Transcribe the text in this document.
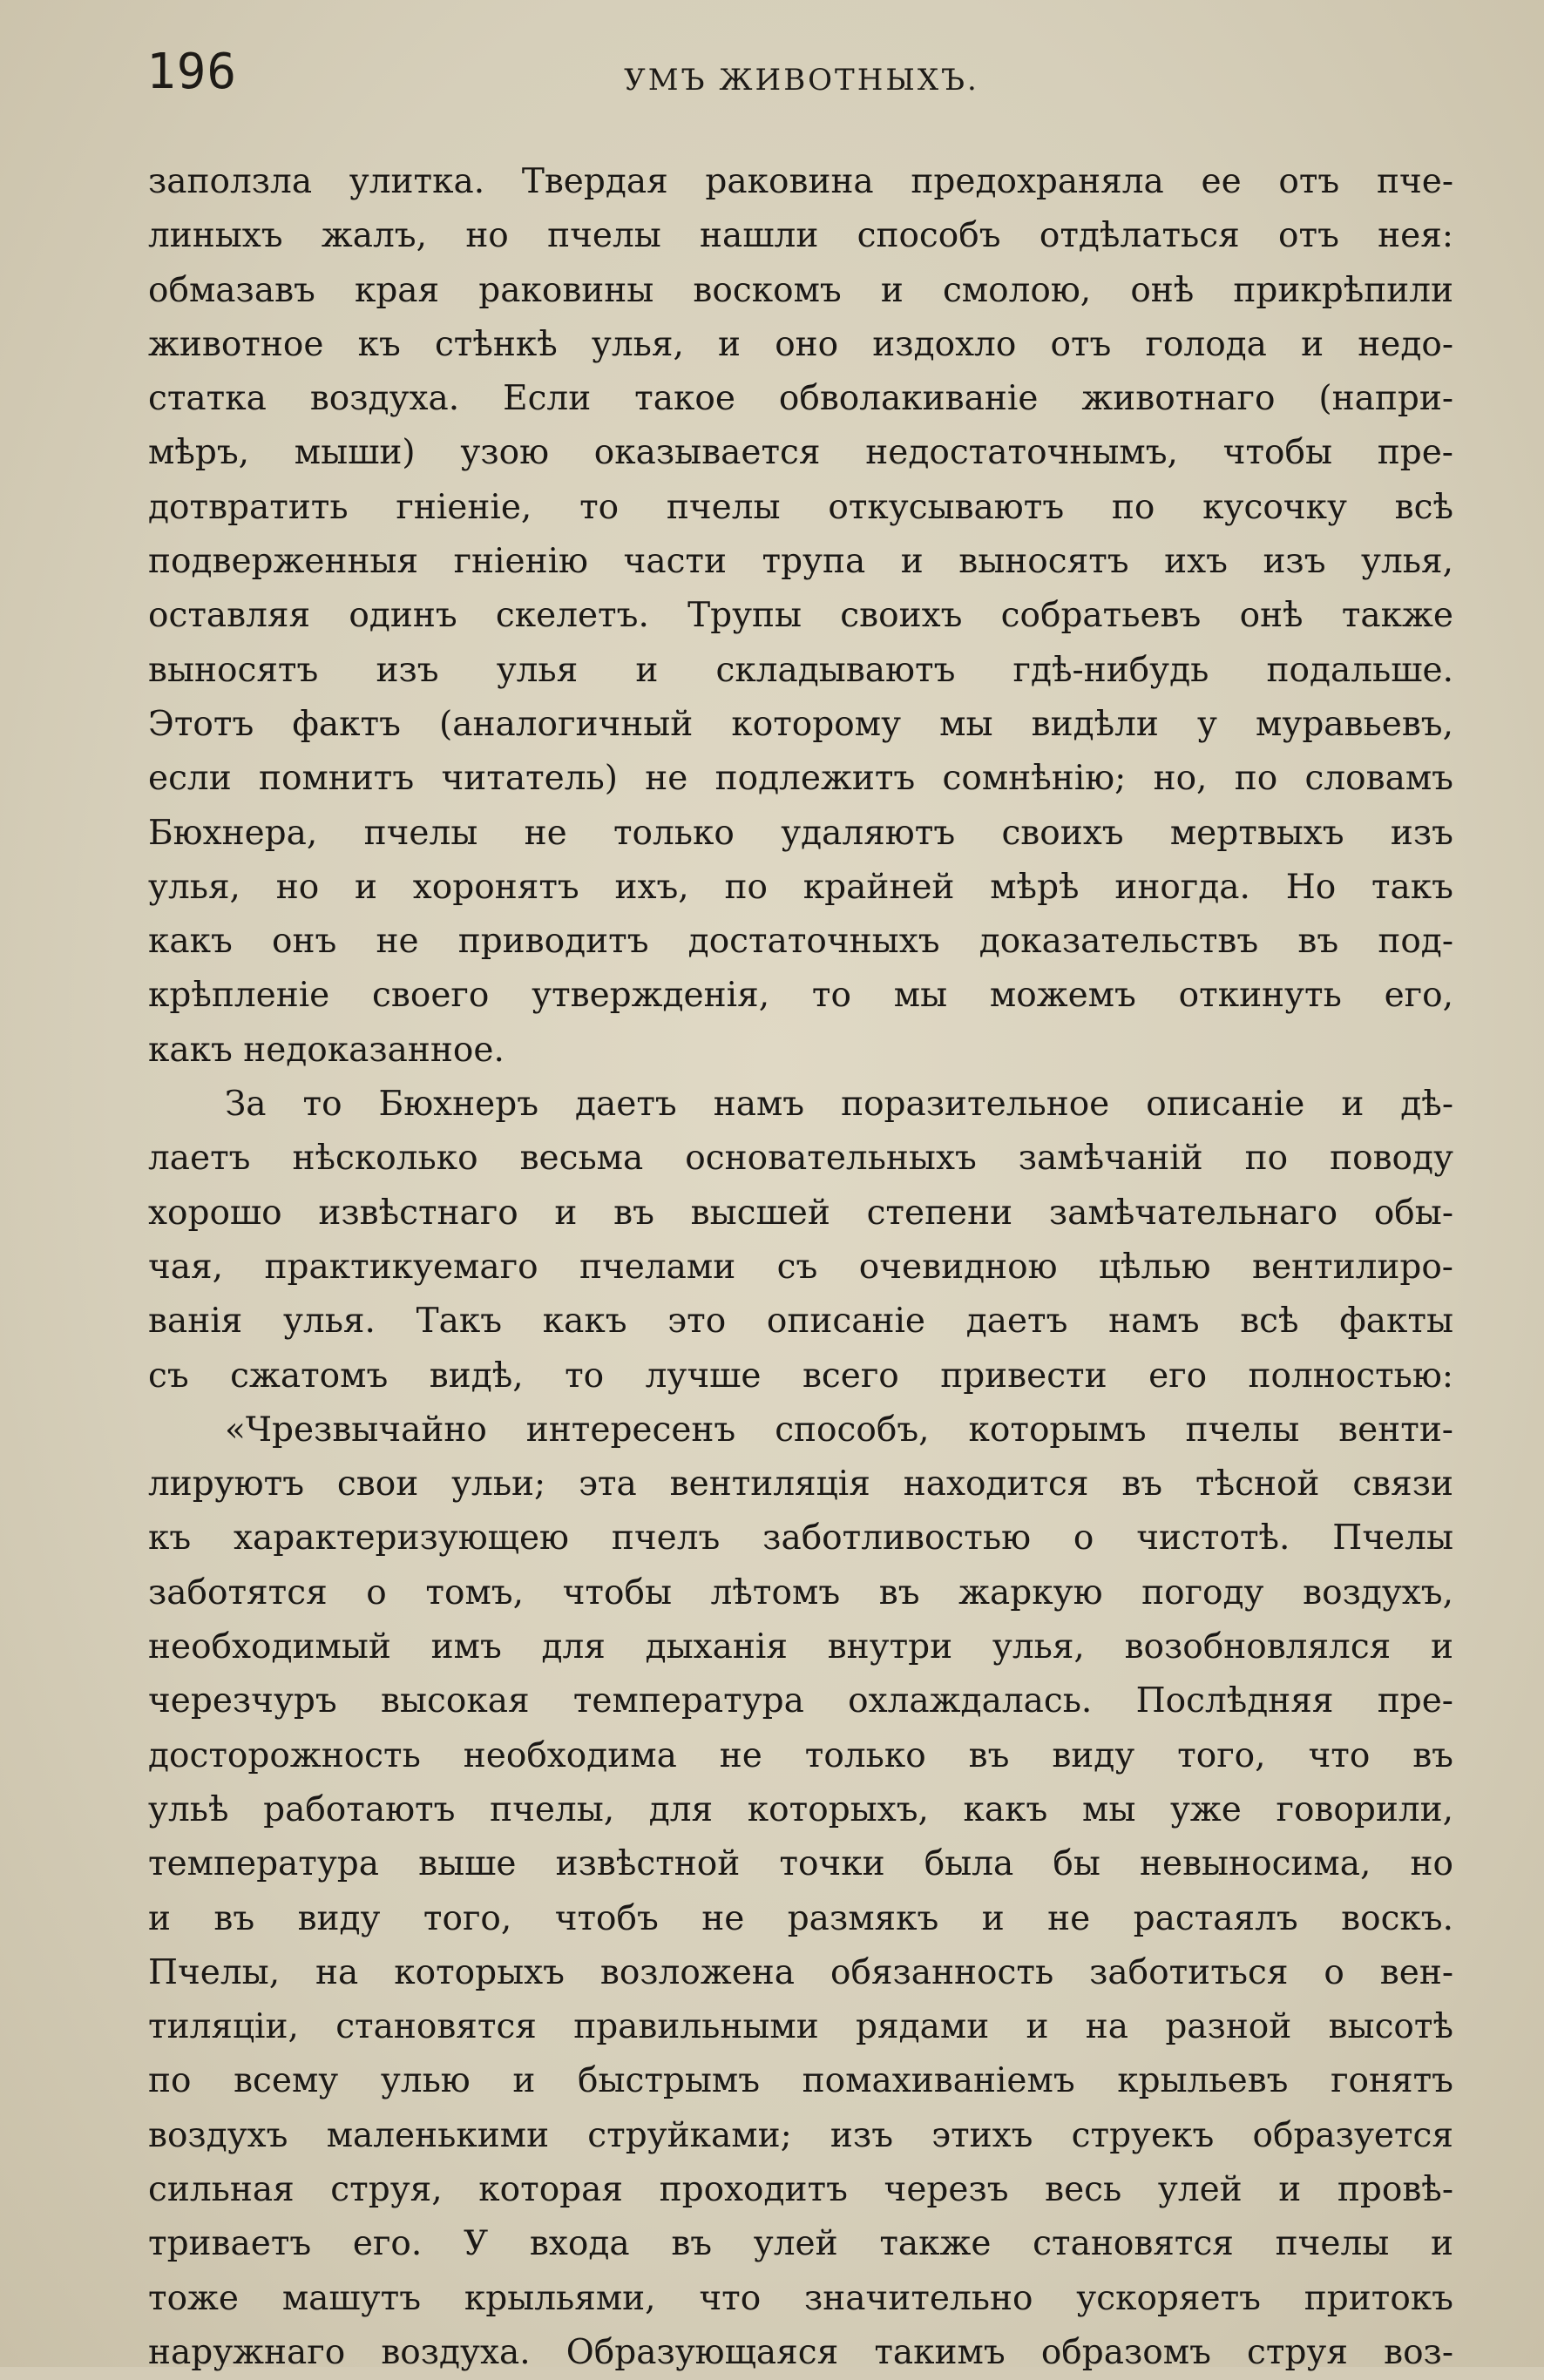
196	УМЪ ЖИВОТНЫХЪ.
заползла улитка. Твердая раковина предохраняла ее отъ пче-
линыхъ жалъ, но пчелы нашли способъ отдѣлаться отъ нея:
обмазавъ края раковины воскомъ и смолою, онѣ прикрѣпили
животное къ стѣнкѣ улья, и оно издохло отъ голода и недо-
статка воздуха. Если такое обволакиваніе животнаго (напри-
мѣръ, мыши) узою оказывается недостаточнымъ, чтобы пре-
дотвратить гніеніе, то пчелы откусываютъ по кусочку всѣ
подверженныя гніенію части трупа и выносятъ ихъ изъ улья,
оставляя одинъ скелетъ. Трупы своихъ собратьевъ онѣ также
выносятъ изъ улья и складываютъ гдѣ-нибудь подальше.
Этотъ фактъ (аналогичный которому мы видѣли у муравьевъ,
если помнитъ читатель) не подлежитъ сомнѣнію; но, по словамъ
Бюхнера, пчелы не только удаляютъ своихъ мертвыхъ изъ
улья, но и хоронятъ ихъ, по крайней мѣрѣ иногда. Но такъ
какъ онъ не приводитъ достаточныхъ доказательствъ въ под-
крѣпленіе своего утвержденія, то мы можемъ откинуть его,
какъ недоказанное.
За то Бюхнеръ даетъ намъ поразительное описаніе и дѣ-
лаетъ нѣсколько весьма основательныхъ замѣчаній по поводу
хорошо извѣстнаго и въ высшей степени замѣчательнаго обы-
чая, практикуемаго пчелами съ очевидною цѣлью вентилиро-
ванія улья. Такъ какъ это описаніе даетъ намъ всѣ факты
съ сжатомъ видѣ, то лучше всего привести его полностью:
«Чрезвычайно интересенъ способъ, которымъ пчелы венти-
лируютъ свои ульи; эта вентиляція находится въ тѣсной связи
къ характеризующею пчелъ заботливостью о чистотѣ. Пчелы
заботятся о томъ, чтобы лѣтомъ въ жаркую погоду воздухъ,
необходимый имъ для дыханія внутри улья, возобновлялся и
черезчуръ высокая температура охлаждалась. Послѣдняя пре-
досторожность необходима не только въ виду того, что въ
ульѣ работаютъ пчелы, для которыхъ, какъ мы уже говорили,
температура выше извѣстной точки была бы невыносима, но
и въ виду того, чтобъ не размякъ и не растаялъ воскъ.
Пчелы, на которыхъ возложена обязанность заботиться о вен-
тиляціи, становятся правильными рядами и на разной высотѣ
по всему улью и быстрымъ помахиваніемъ крыльевъ гонятъ
воздухъ маленькими струйками; изъ этихъ струекъ образуется
сильная струя, которая проходитъ черезъ весь улей и провѣ-
триваетъ его. У входа въ улей также становятся пчелы и
тоже машутъ крыльями, что значительно ускоряетъ притокъ
наружнаго воздуха. Образующаяся такимъ образомъ струя воз-
